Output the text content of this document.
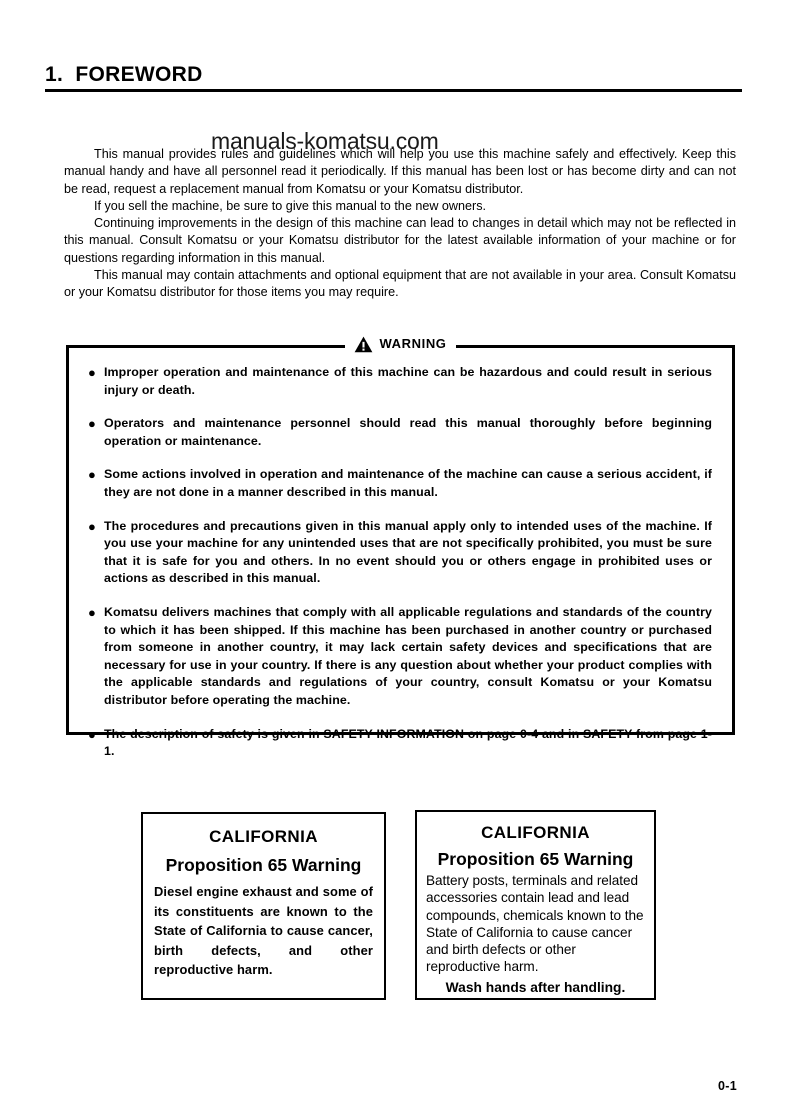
1.  FOREWORD
manuals-komatsu.com

This manual provides rules and guidelines which will help you use this machine safely and effectively. Keep this manual handy and have all personnel read it periodically. If this manual has been lost or has become dirty and can not be read, request a replacement manual from Komatsu or your Komatsu distributor.

If you sell the machine, be sure to give this manual to the new owners.

Continuing improvements in the design of this machine can lead to changes in detail which may not be reflected in this manual. Consult Komatsu or your Komatsu distributor for the latest available information of your machine or for questions regarding information in this manual.

This manual may contain attachments and optional equipment that are not available in your area. Consult Komatsu or your Komatsu distributor for those items you may require.

● Improper operation and maintenance of this machine can be hazardous and could result in serious injury or death.
● Operators and maintenance personnel should read this manual thoroughly before beginning operation or maintenance.
● Some actions involved in operation and maintenance of the machine can cause a serious accident, if they are not done in a manner described in this manual.
● The procedures and precautions given in this manual apply only to intended uses of the machine. If you use your machine for any unintended uses that are not specifically prohibited, you must be sure that it is safe for you and others. In no event should you or others engage in prohibited uses or actions as described in this manual.
● Komatsu delivers machines that comply with all applicable regulations and standards of the country to which it has been shipped. If this machine has been purchased in another country or purchased from someone in another country, it may lack certain safety devices and specifications that are necessary for use in your country. If there is any question about whether your product complies with the applicable standards and regulations of your country, consult Komatsu or your Komatsu distributor before operating the machine.
● The description of safety is given in SAFETY INFORMATION on page 0-4 and in SAFETY from page 1-1.
WARNING
CALIFORNIA
Proposition 65 Warning
Diesel engine exhaust and some of its constituents are known to the State of California to cause cancer, birth defects, and other reproductive harm.
CALIFORNIA
Proposition 65 Warning
Battery posts, terminals and related accessories contain lead and lead compounds, chemicals known to the State of California to cause cancer and birth defects or other reproductive harm.
Wash hands after handling.
0-1
